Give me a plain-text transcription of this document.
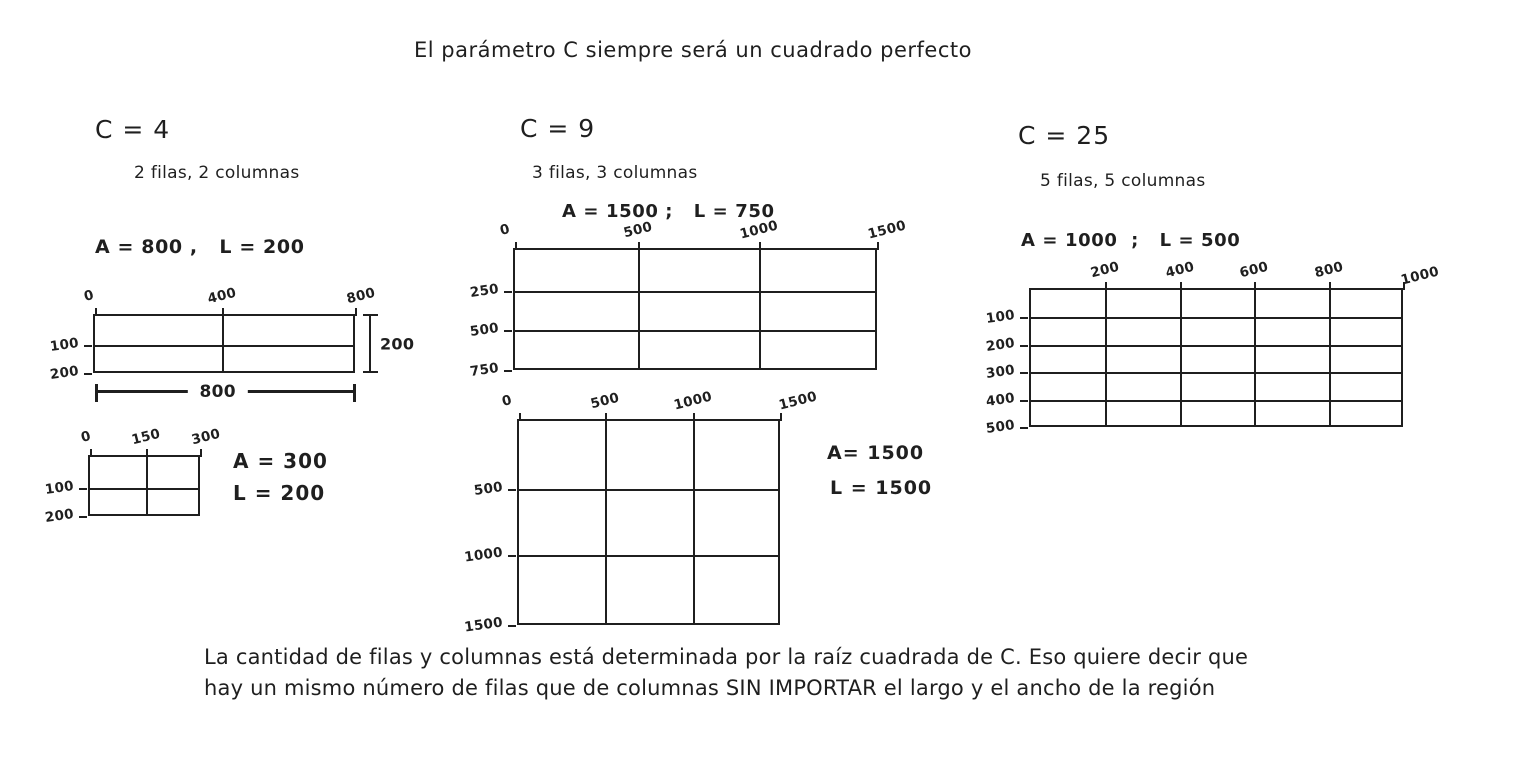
El parámetro C siempre será un cuadrado perfecto
C = 4
2 filas, 2 columnas
A = 800 ,   L = 200
200
800
A = 300
L = 200
C = 9
3 filas, 3 columnas
A = 1500 ;   L = 750
A= 1500
L = 1500
C = 25
5 filas, 5 columnas
A = 1000  ;   L = 500
0	400	800
100
200
0	150 300
100
200
0	500	1000	1500
250
500
750
0	500	1000	1500
500
1000
1500
200	400	600	800	1000
100
200
300
400
500
La cantidad de filas y columnas está determinada por la raíz cuadrada de C. Eso quiere decir que
hay un mismo número de filas que de columnas SIN IMPORTAR el largo y el ancho de la región
